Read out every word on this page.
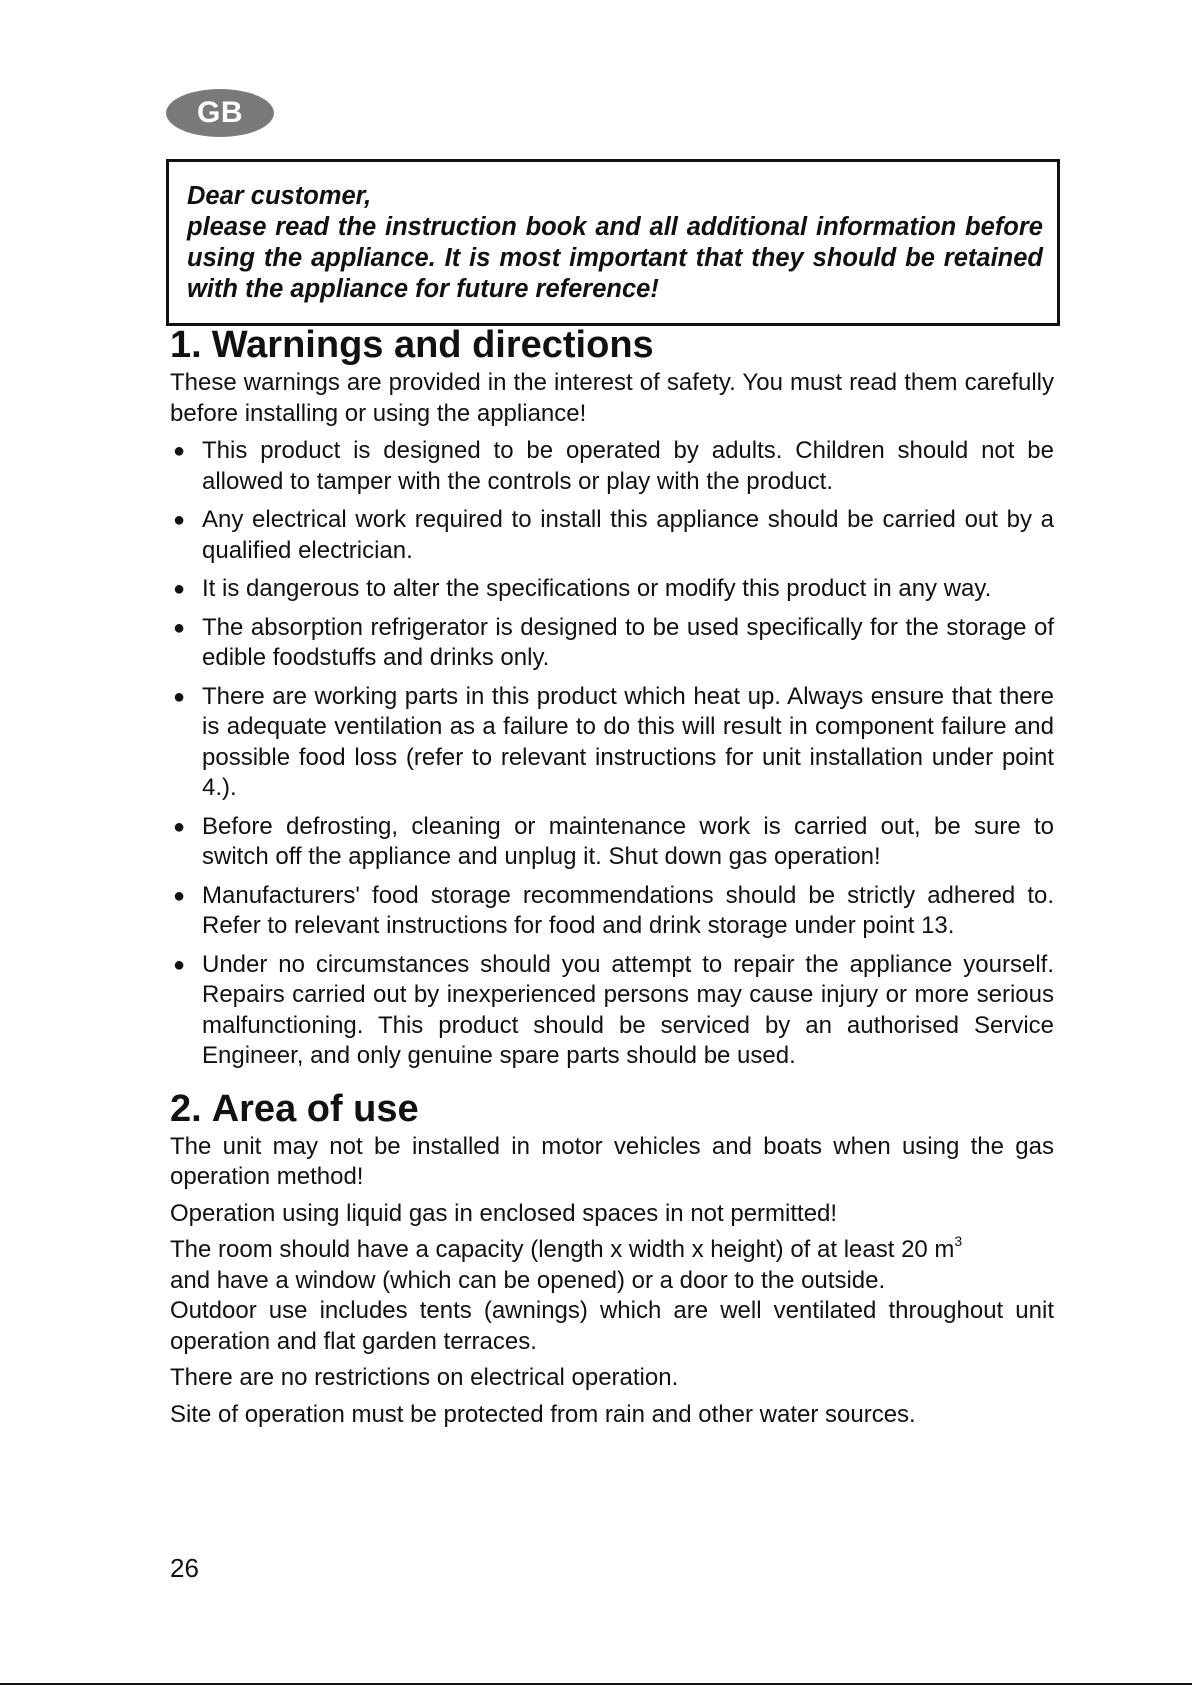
GB

Dear customer,

please read the instruction book and all additional information before using the appliance. It is most important that they should be retained with the appliance for future reference!

1. Warnings and directions

These warnings are provided in the interest of safety. You must read them carefully before installing or using the appliance!

● This product is designed to be operated by adults. Children should not be allowed to tamper with the controls or play with the product.
● Any electrical work required to install this appliance should be carried out by a qualified electrician.
● It is dangerous to alter the specifications or modify this product in any way.
● The absorption refrigerator is designed to be used specifically for the storage of edible foodstuffs and drinks only.
● There are working parts in this product which heat up. Always ensure that there is adequate ventilation as a failure to do this will result in component failure and possible food loss (refer to relevant instructions for unit installation under point 4.).
● Before defrosting, cleaning or maintenance work is carried out, be sure to switch off the appliance and unplug it. Shut down gas operation!
● Manufacturers' food storage recommendations should be strictly adhered to. Refer to relevant instructions for food and drink storage under point 13.
● Under no circumstances should you attempt to repair the appliance yourself. Repairs carried out by inexperienced persons may cause injury or more serious malfunctioning. This product should be serviced by an authorised Service Engineer, and only genuine spare parts should be used.
2. Area of use

The unit may not be installed in motor vehicles and boats when using the gas operation method!

Operation using liquid gas in enclosed spaces in not permitted!

The room should have a capacity (length x width x height) of at least 20 $m^3$
and have a window (which can be opened) or a door to the outside.

Outdoor use includes tents (awnings) which are well ventilated throughout unit operation and flat garden terraces.

There are no restrictions on electrical operation.

Site of operation must be protected from rain and other water sources.

26
